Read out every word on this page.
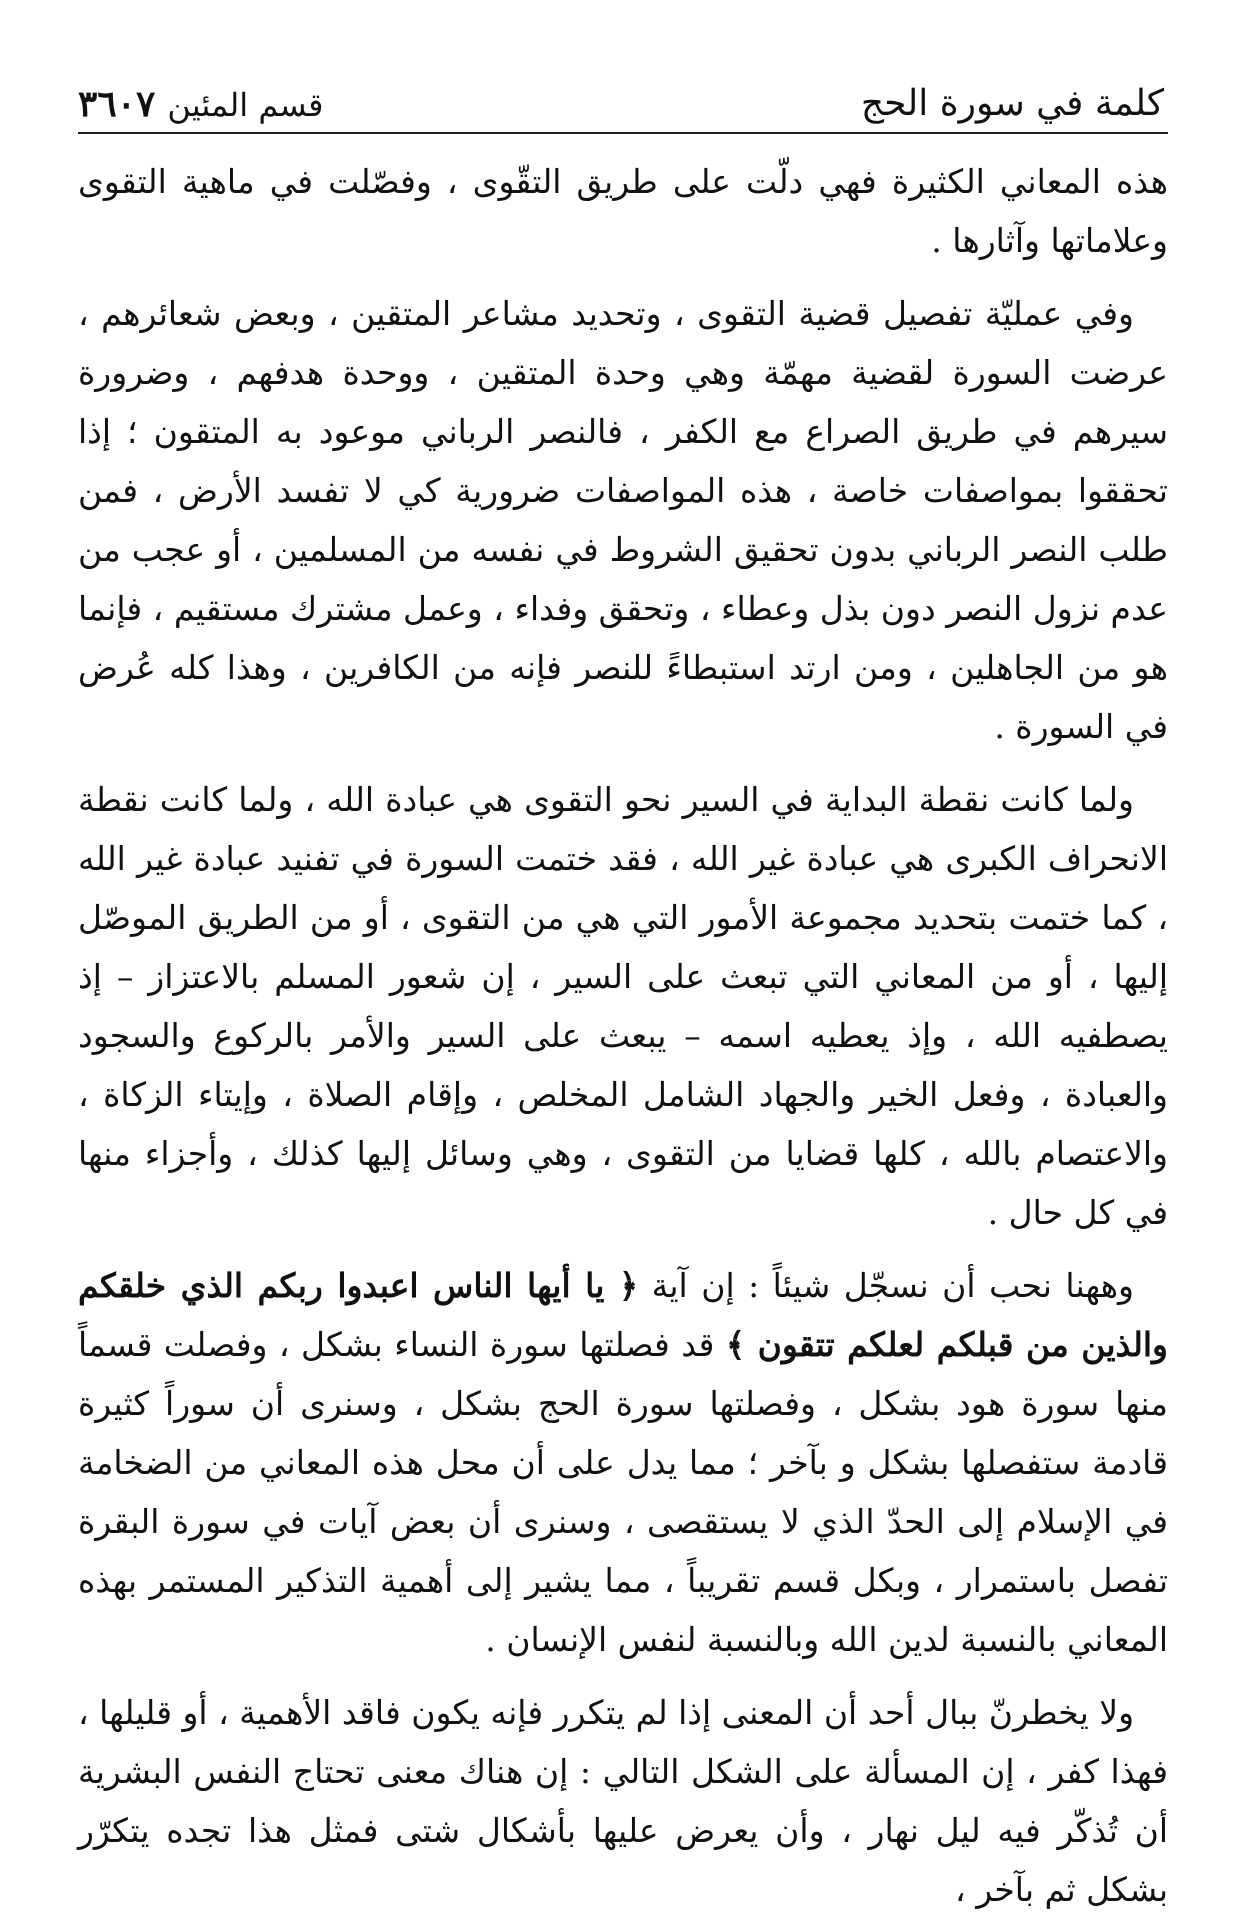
كلمة في سورة الحج
قسم المئين
٣٦٠٧

هذه المعاني الكثيرة فهي دلّت على طريق التقّوى ، وفصّلت في ماهية التقوى وعلاماتها وآثارها .

وفي عمليّة تفصيل قضية التقوى ، وتحديد مشاعر المتقين ، وبعض شعائرهم ، عرضت السورة لقضية مهمّة وهي وحدة المتقين ، ووحدة هدفهم ، وضرورة سيرهم في طريق الصراع مع الكفر ، فالنصر الرباني موعود به المتقون ؛ إذا تحققوا بمواصفات خاصة ، هذه المواصفات ضرورية كي لا تفسد الأرض ، فمن طلب النصر الرباني بدون تحقيق الشروط في نفسه من المسلمين ، أو عجب من عدم نزول النصر دون بذل وعطاء ، وتحقق وفداء ، وعمل مشترك مستقيم ، فإنما هو من الجاهلين ، ومن ارتد استبطاءً للنصر فإنه من الكافرين ، وهذا كله عُرض في السورة .

ولما كانت نقطة البداية في السير نحو التقوى هي عبادة الله ، ولما كانت نقطة الانحراف الكبرى هي عبادة غير الله ، فقد ختمت السورة في تفنيد عبادة غير الله ، كما ختمت بتحديد مجموعة الأمور التي هي من التقوى ، أو من الطريق الموصّل إليها ، أو من المعاني التي تبعث على السير ، إن شعور المسلم بالاعتزاز – إذ يصطفيه الله ، وإذ يعطيه اسمه – يبعث على السير والأمر بالركوع والسجود والعبادة ، وفعل الخير والجهاد الشامل المخلص ، وإقام الصلاة ، وإيتاء الزكاة ، والاعتصام بالله ، كلها قضايا من التقوى ، وهي وسائل إليها كذلك ، وأجزاء منها في كل حال .

وههنا نحب أن نسجّل شيئاً : إن آية ﴿ يا أيها الناس اعبدوا ربكم الذي خلقكم والذين من قبلكم لعلكم تتقون ﴾ قد فصلتها سورة النساء بشكل ، وفصلت قسماً منها سورة هود بشكل ، وفصلتها سورة الحج بشكل ، وسنرى أن سوراً كثيرة قادمة ستفصلها بشكل و بآخر ؛ مما يدل على أن محل هذه المعاني من الضخامة في الإسلام إلى الحدّ الذي لا يستقصى ، وسنرى أن بعض آيات في سورة البقرة تفصل باستمرار ، وبكل قسم تقريباً ، مما يشير إلى أهمية التذكير المستمر بهذه المعاني بالنسبة لدين الله وبالنسبة لنفس الإنسان .

ولا يخطرنّ ببال أحد أن المعنى إذا لم يتكرر فإنه يكون فاقد الأهمية ، أو قليلها ، فهذا كفر ، إن المسألة على الشكل التالي : إن هناك معنى تحتاج النفس البشرية أن تُذكّر فيه ليل نهار ، وأن يعرض عليها بأشكال شتى فمثل هذا تجده يتكرّر بشكل ثم بآخر ،
